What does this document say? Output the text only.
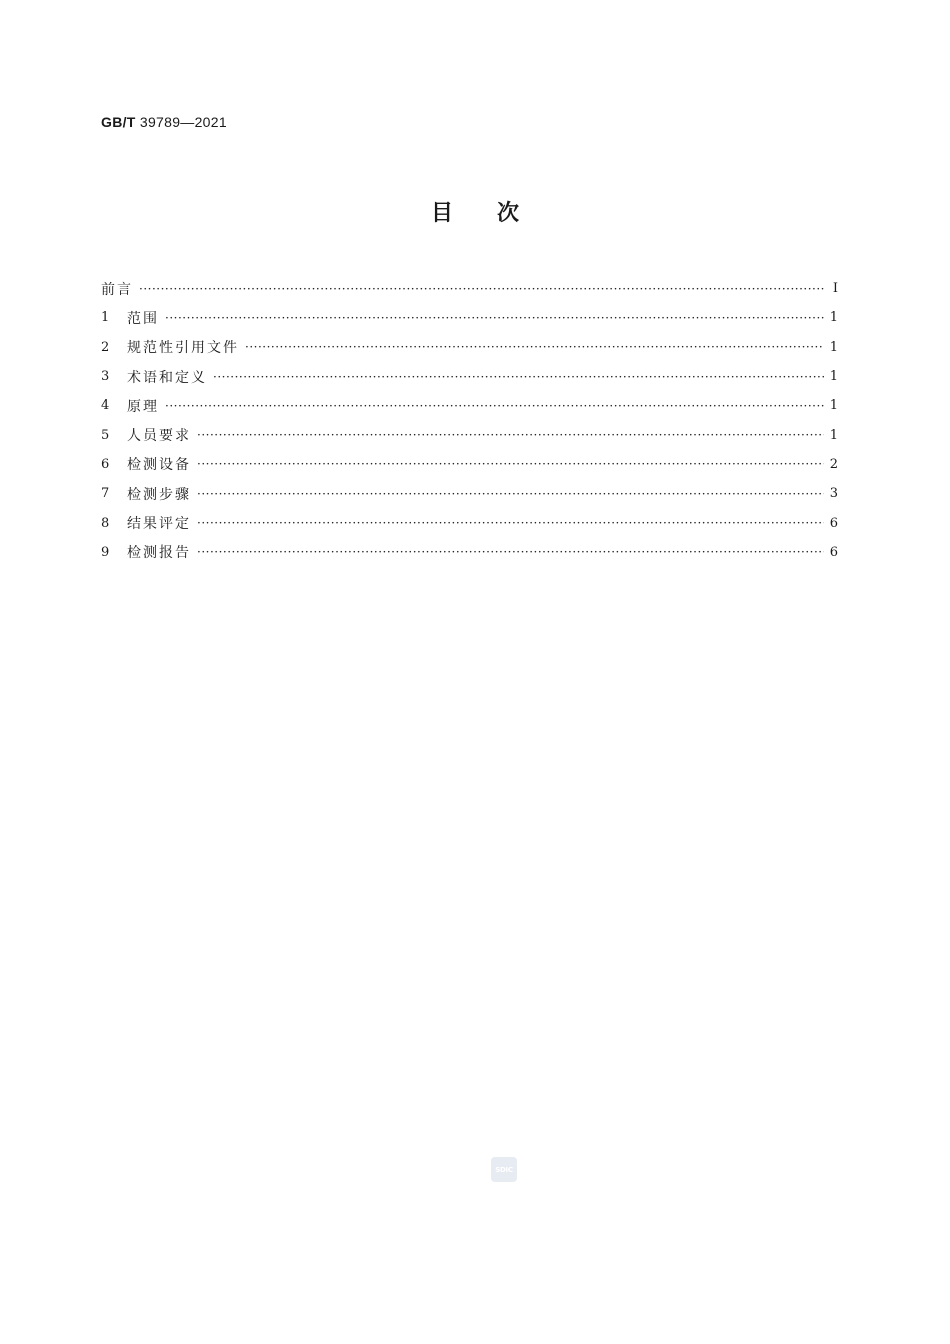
GB/T 39789—2021
目次
前言 ·····	Ⅰ
1	范围 ·····	1
2	规范性引用文件 ·····	1
3	术语和定义 ·····	1
4	原理 ·····	1
5	人员要求 ·····	1
6	检测设备 ·····	2
7	检测步骤 ·····	3
8	结果评定 ·····	6
9	检测报告 ·····	6
SDIC
